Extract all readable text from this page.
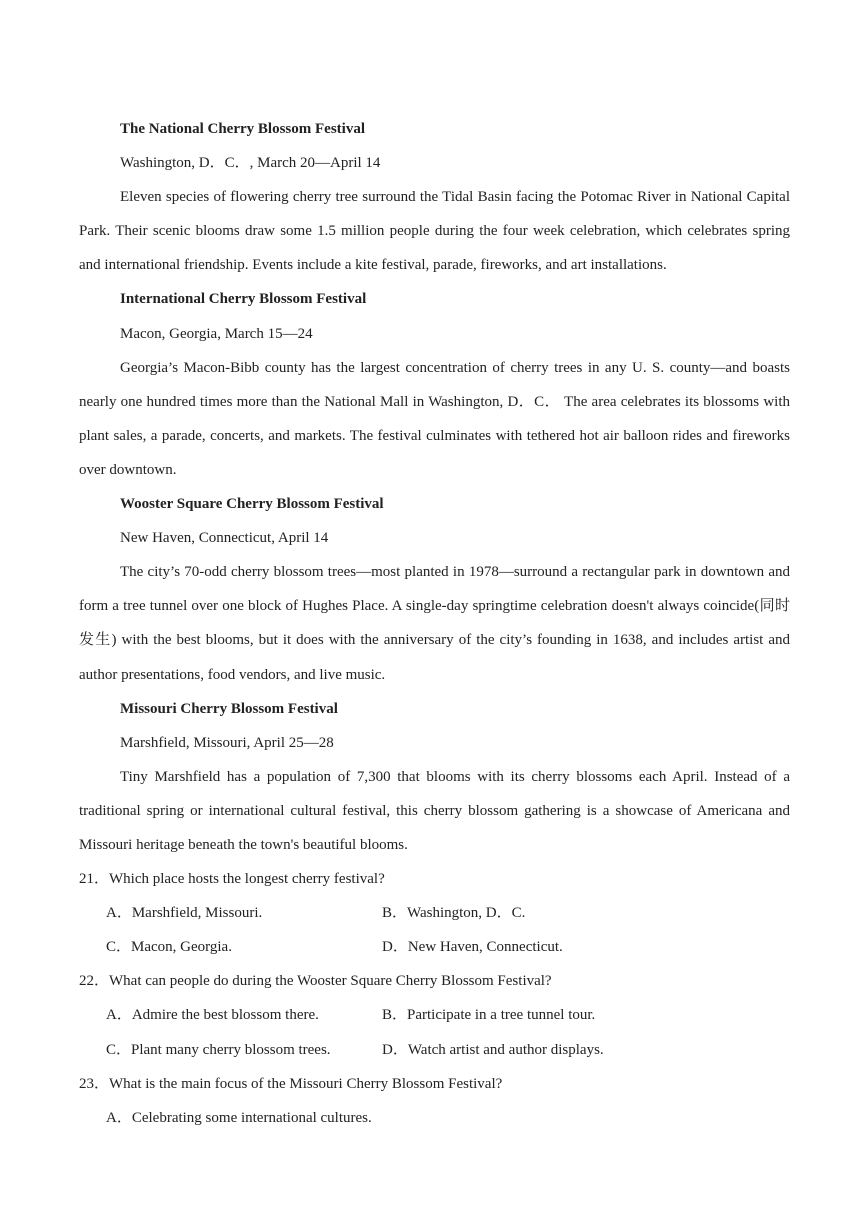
The National Cherry Blossom Festival

Washington, D．C．, March 20—April 14

Eleven species of flowering cherry tree surround the Tidal Basin facing the Potomac River in National Capital Park. Their scenic blooms draw some 1.5 million people during the four week celebration, which celebrates spring and international friendship. Events include a kite festival, parade, fireworks, and art installations.

International Cherry Blossom Festival

Macon, Georgia, March 15—24

Georgia’s Macon-Bibb county has the largest concentration of cherry trees in any U. S. county—and boasts nearly one hundred times more than the National Mall in Washington, D．C． The area celebrates its blossoms with plant sales, a parade, concerts, and markets. The festival culminates with tethered hot air balloon rides and fireworks over downtown.

Wooster Square Cherry Blossom Festival

New Haven, Connecticut, April 14

The city’s 70-odd cherry blossom trees—most planted in 1978—surround a rectangular park in downtown and form a tree tunnel over one block of Hughes Place. A single-day springtime celebration doesn't always coincide(同时发生) with the best blooms, but it does with the anniversary of the city’s founding in 1638, and includes artist and author presentations, food vendors, and live music.

Missouri Cherry Blossom Festival

Marshfield, Missouri, April 25—28

Tiny Marshfield has a population of 7,300 that blooms with its cherry blossoms each April. Instead of a traditional spring or international cultural festival, this cherry blossom gathering is a showcase of Americana and Missouri heritage beneath the town's beautiful blooms.

21．Which place hosts the longest cherry festival?

A．Marshfield, Missouri.	B．Washington, D．C.
C．Macon, Georgia.	D．New Haven, Connecticut.

22．What can people do during the Wooster Square Cherry Blossom Festival?

A．Admire the best blossom there.	B．Participate in a tree tunnel tour.
C．Plant many cherry blossom trees.	D．Watch artist and author displays.

23．What is the main focus of the Missouri Cherry Blossom Festival?

A．Celebrating some international cultures.
